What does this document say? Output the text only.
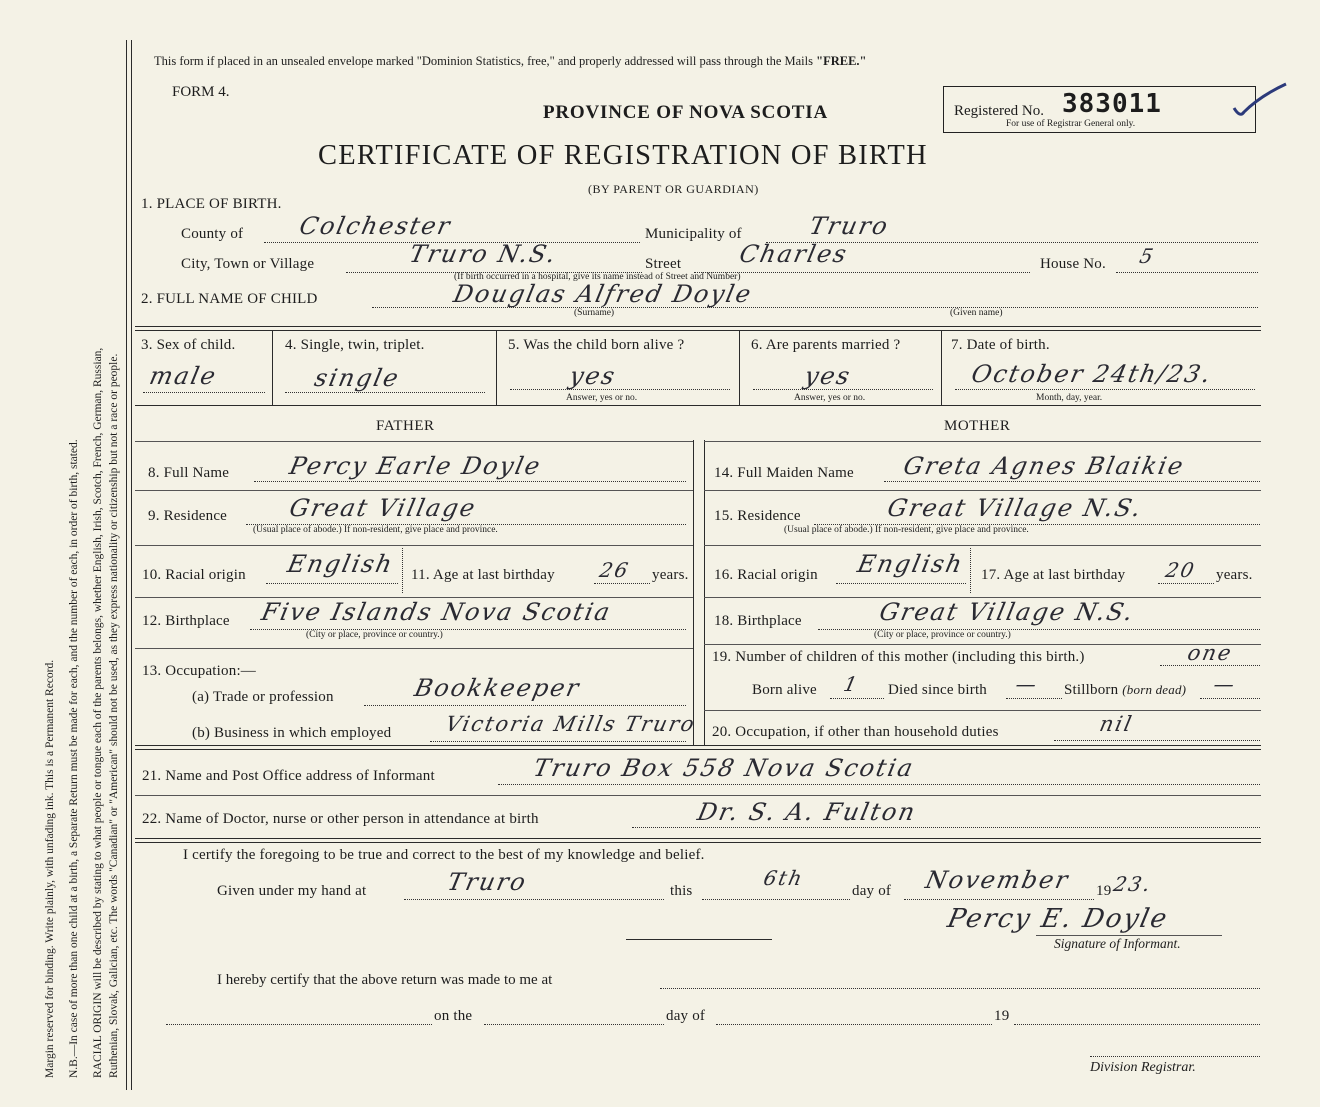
Margin reserved for binding. Write plainly, with unfading ink. This is a Permanent Record. N.B.—In case of more than one child at a birth, a Separate Return must be made for each, and the number of each, in order of birth, stated. RACIAL ORIGIN will be described by stating to what people or tongue each of the parents belongs, whether English, Irish, Scotch, French, German, Russian, Ruthenian, Slovak, Galician, etc. The words "Canadian" or "American" should not be used, as they express nationality or citizenship but not a race or people.
This form if placed in an unsealed envelope marked "Dominion Statistics, free," and properly addressed will pass through the Mails "FREE."
FORM 4.
PROVINCE OF NOVA SCOTIA	Registered No. 383011
For use of Registrar General only.
CERTIFICATE OF REGISTRATION OF BIRTH
(BY PARENT OR GUARDIAN)
1. PLACE OF BIRTH.
County of Colchester	Municipality of	Truro
City, Town or Village	Truro N.S.	Street Charles
(If birth occurred in a hospital, give its name instead of Street and Number)
House No. 5
2. FULL NAME OF CHILD	Douglas Alfred Doyle
(Surname)	(Given name)
3. Sex of child.
male
4. Single, twin, triplet.
single
5. Was the child born alive ?
yes
Answer, yes or no.
6. Are parents married ?
yes
Answer, yes or no.
7. Date of birth.
October 24th/23.
Month, day, year.
FATHER
8. Full Name Percy Earle Doyle
9. Residence Great Village
(Usual place of abode.) If non-resident, give place and province.
10. Racial origin English 11. Age at last birthday 26 years.
12. Birthplace Five Islands Nova Scotia
(City or place, province or country.)
13. Occupation:—
(a) Trade or profession	Bookkeeper
(b) Business in which employed Victoria Mills Truro
MOTHER
14. Full Maiden Name Greta Agnes Blaikie
15. Residence	Great Village N.S.
(Usual place of abode.) If non-resident, give place and province.
16. Racial origin English 17. Age at last birthday 20 years.
18. Birthplace	Great Village N.S.
(City or place, province or country.)
19. Number of children of this mother (including this birth.)	one
Born alive 1 Died since birth — Stillborn (born dead) —
20. Occupation, if other than household duties	nil
21. Name and Post Office address of Informant	Truro Box 558 Nova Scotia
22. Name of Doctor, nurse or other person in attendance at birth	Dr. S. A. Fulton
I certify the foregoing to be true and correct to the best of my knowledge and belief.
Given under my hand at	Truro	this
6th
day of November 19 23.
Percy E. Doyle
Signature of Informant.
I hereby certify that the above return was made to me at
on the	day of	19
Division Registrar.
